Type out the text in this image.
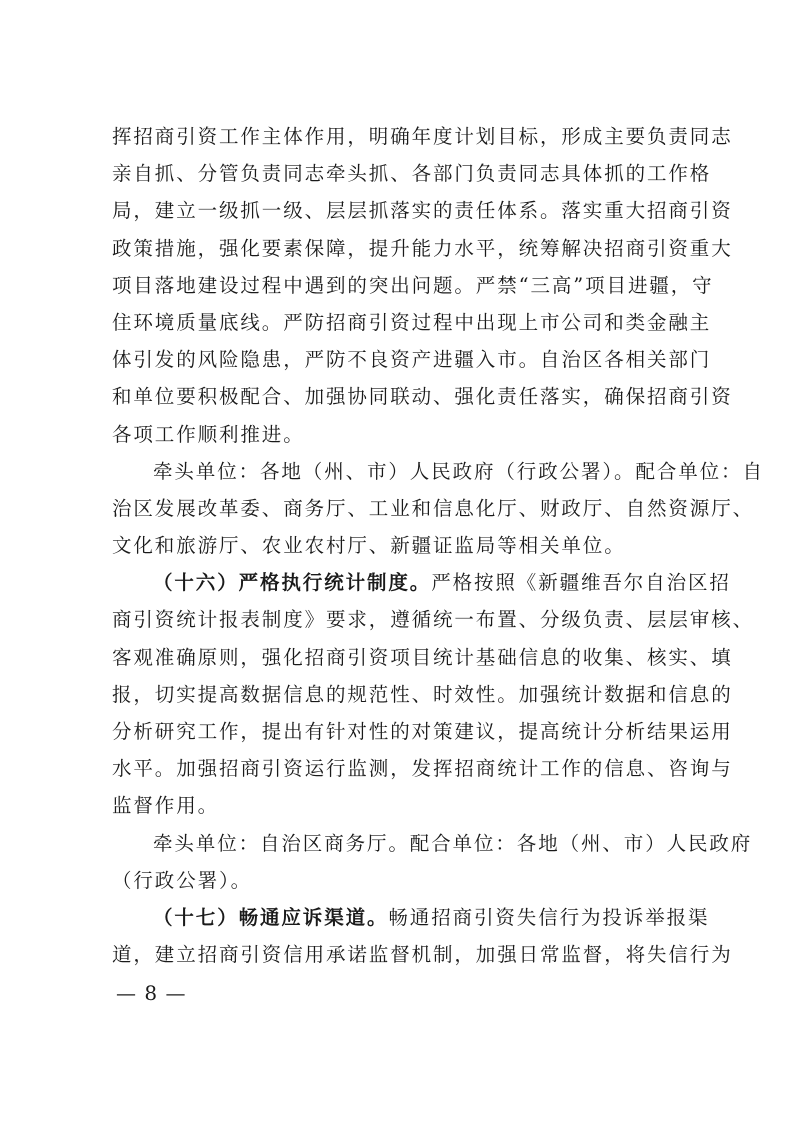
挥招商引资工作主体作用，明确年度计划目标，形成主要负责同志
亲自抓、分管负责同志牵头抓、各部门负责同志具体抓的工作格
局，建立一级抓一级、层层抓落实的责任体系。落实重大招商引资
政策措施，强化要素保障，提升能力水平，统筹解决招商引资重大
项目落地建设过程中遇到的突出问题。严禁“三高”项目进疆，守
住环境质量底线。严防招商引资过程中出现上市公司和类金融主
体引发的风险隐患，严防不良资产进疆入市。自治区各相关部门
和单位要积极配合、加强协同联动、强化责任落实，确保招商引资
各项工作顺利推进。
牵头单位：各地（州、市）人民政府（行政公署）。配合单位：自
治区发展改革委、商务厅、工业和信息化厅、财政厅、自然资源厅、
文化和旅游厅、农业农村厅、新疆证监局等相关单位。
（十六）严格执行统计制度。严格按照《新疆维吾尔自治区招
商引资统计报表制度》要求，遵循统一布置、分级负责、层层审核、
客观准确原则，强化招商引资项目统计基础信息的收集、核实、填
报，切实提高数据信息的规范性、时效性。加强统计数据和信息的
分析研究工作，提出有针对性的对策建议，提高统计分析结果运用
水平。加强招商引资运行监测，发挥招商统计工作的信息、咨询与
监督作用。
牵头单位：自治区商务厅。配合单位：各地（州、市）人民政府
（行政公署）。
（十七）畅通应诉渠道。畅通招商引资失信行为投诉举报渠
道，建立招商引资信用承诺监督机制，加强日常监督，将失信行为
— 8 —
